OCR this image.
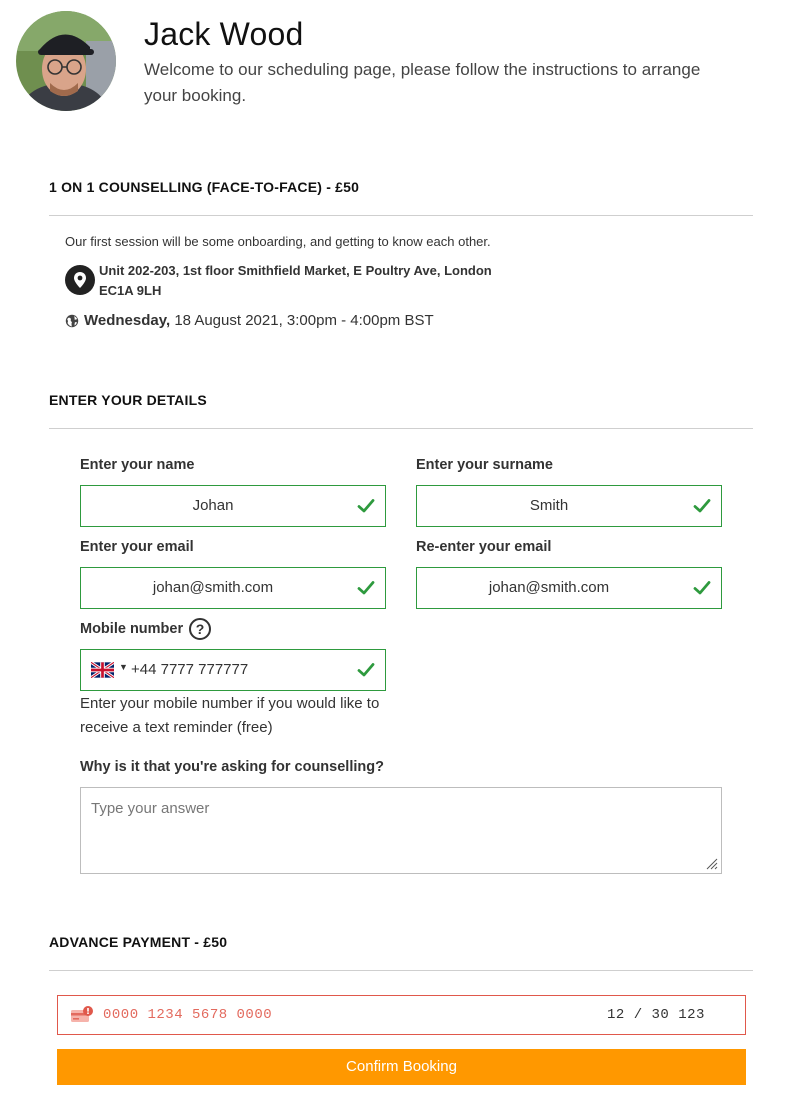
Jack Wood

Welcome to our scheduling page, please follow the instructions to arrange your booking.

1 ON 1 COUNSELLING (FACE-TO-FACE) - £50
Our first session will be some onboarding, and getting to know each other.
Unit 202-203, 1st floor Smithfield Market, E Poultry Ave, London
EC1A 9LH
Wednesday, 18 August 2021, 3:00pm - 4:00pm BST
ENTER YOUR DETAILS
Enter your name
Johan
Enter your surname
Smith
Enter your email
johan@smith.com
Re-enter your email
johan@smith.com
Mobile number ?
▼ +44 7777 777777
Enter your mobile number if you would like to receive a text reminder (free)
Why is it that you're asking for counselling?
Type your answer
ADVANCE PAYMENT - £50
0000 1234 5678 0000	12 / 30 123
Confirm Booking
